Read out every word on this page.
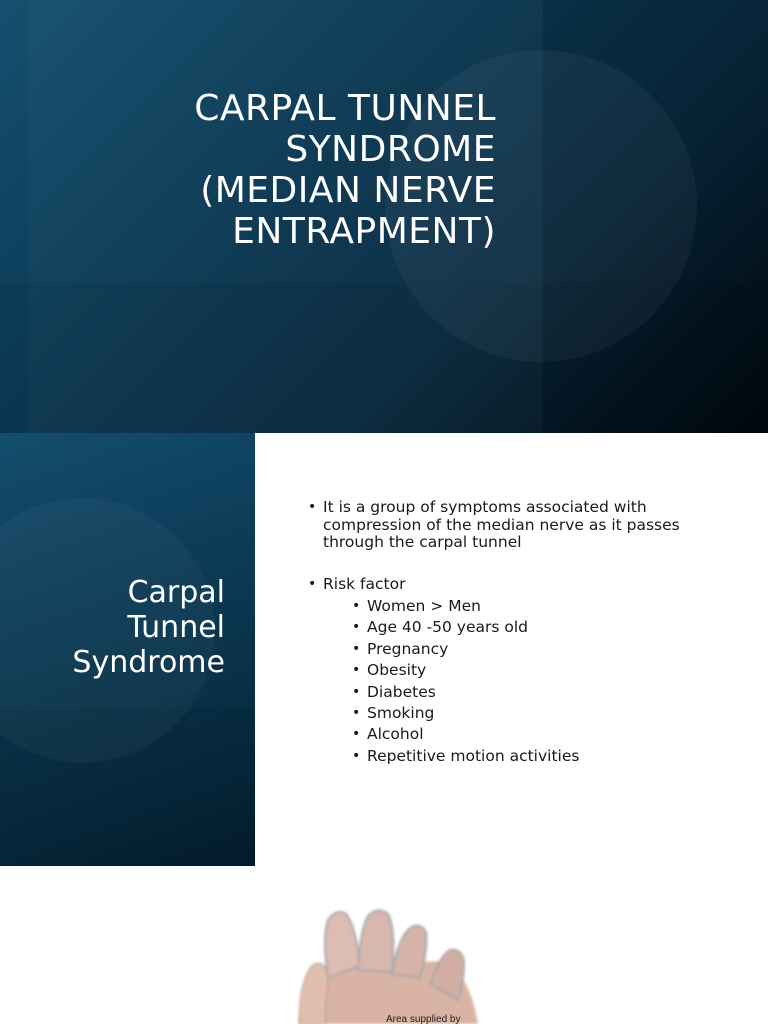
CARPAL TUNNEL
SYNDROME
(MEDIAN NERVE
ENTRAPMENT)
Carpal
Tunnel
Syndrome
• It is a group of symptoms associated with compression of the median nerve as it passes through the carpal tunnel
• Risk factor
• Women > Men
• Age 40 -50 years old
• Pregnancy
• Obesity
• Diabetes
• Smoking
• Alcohol
• Repetitive motion activities
Area supplied by
